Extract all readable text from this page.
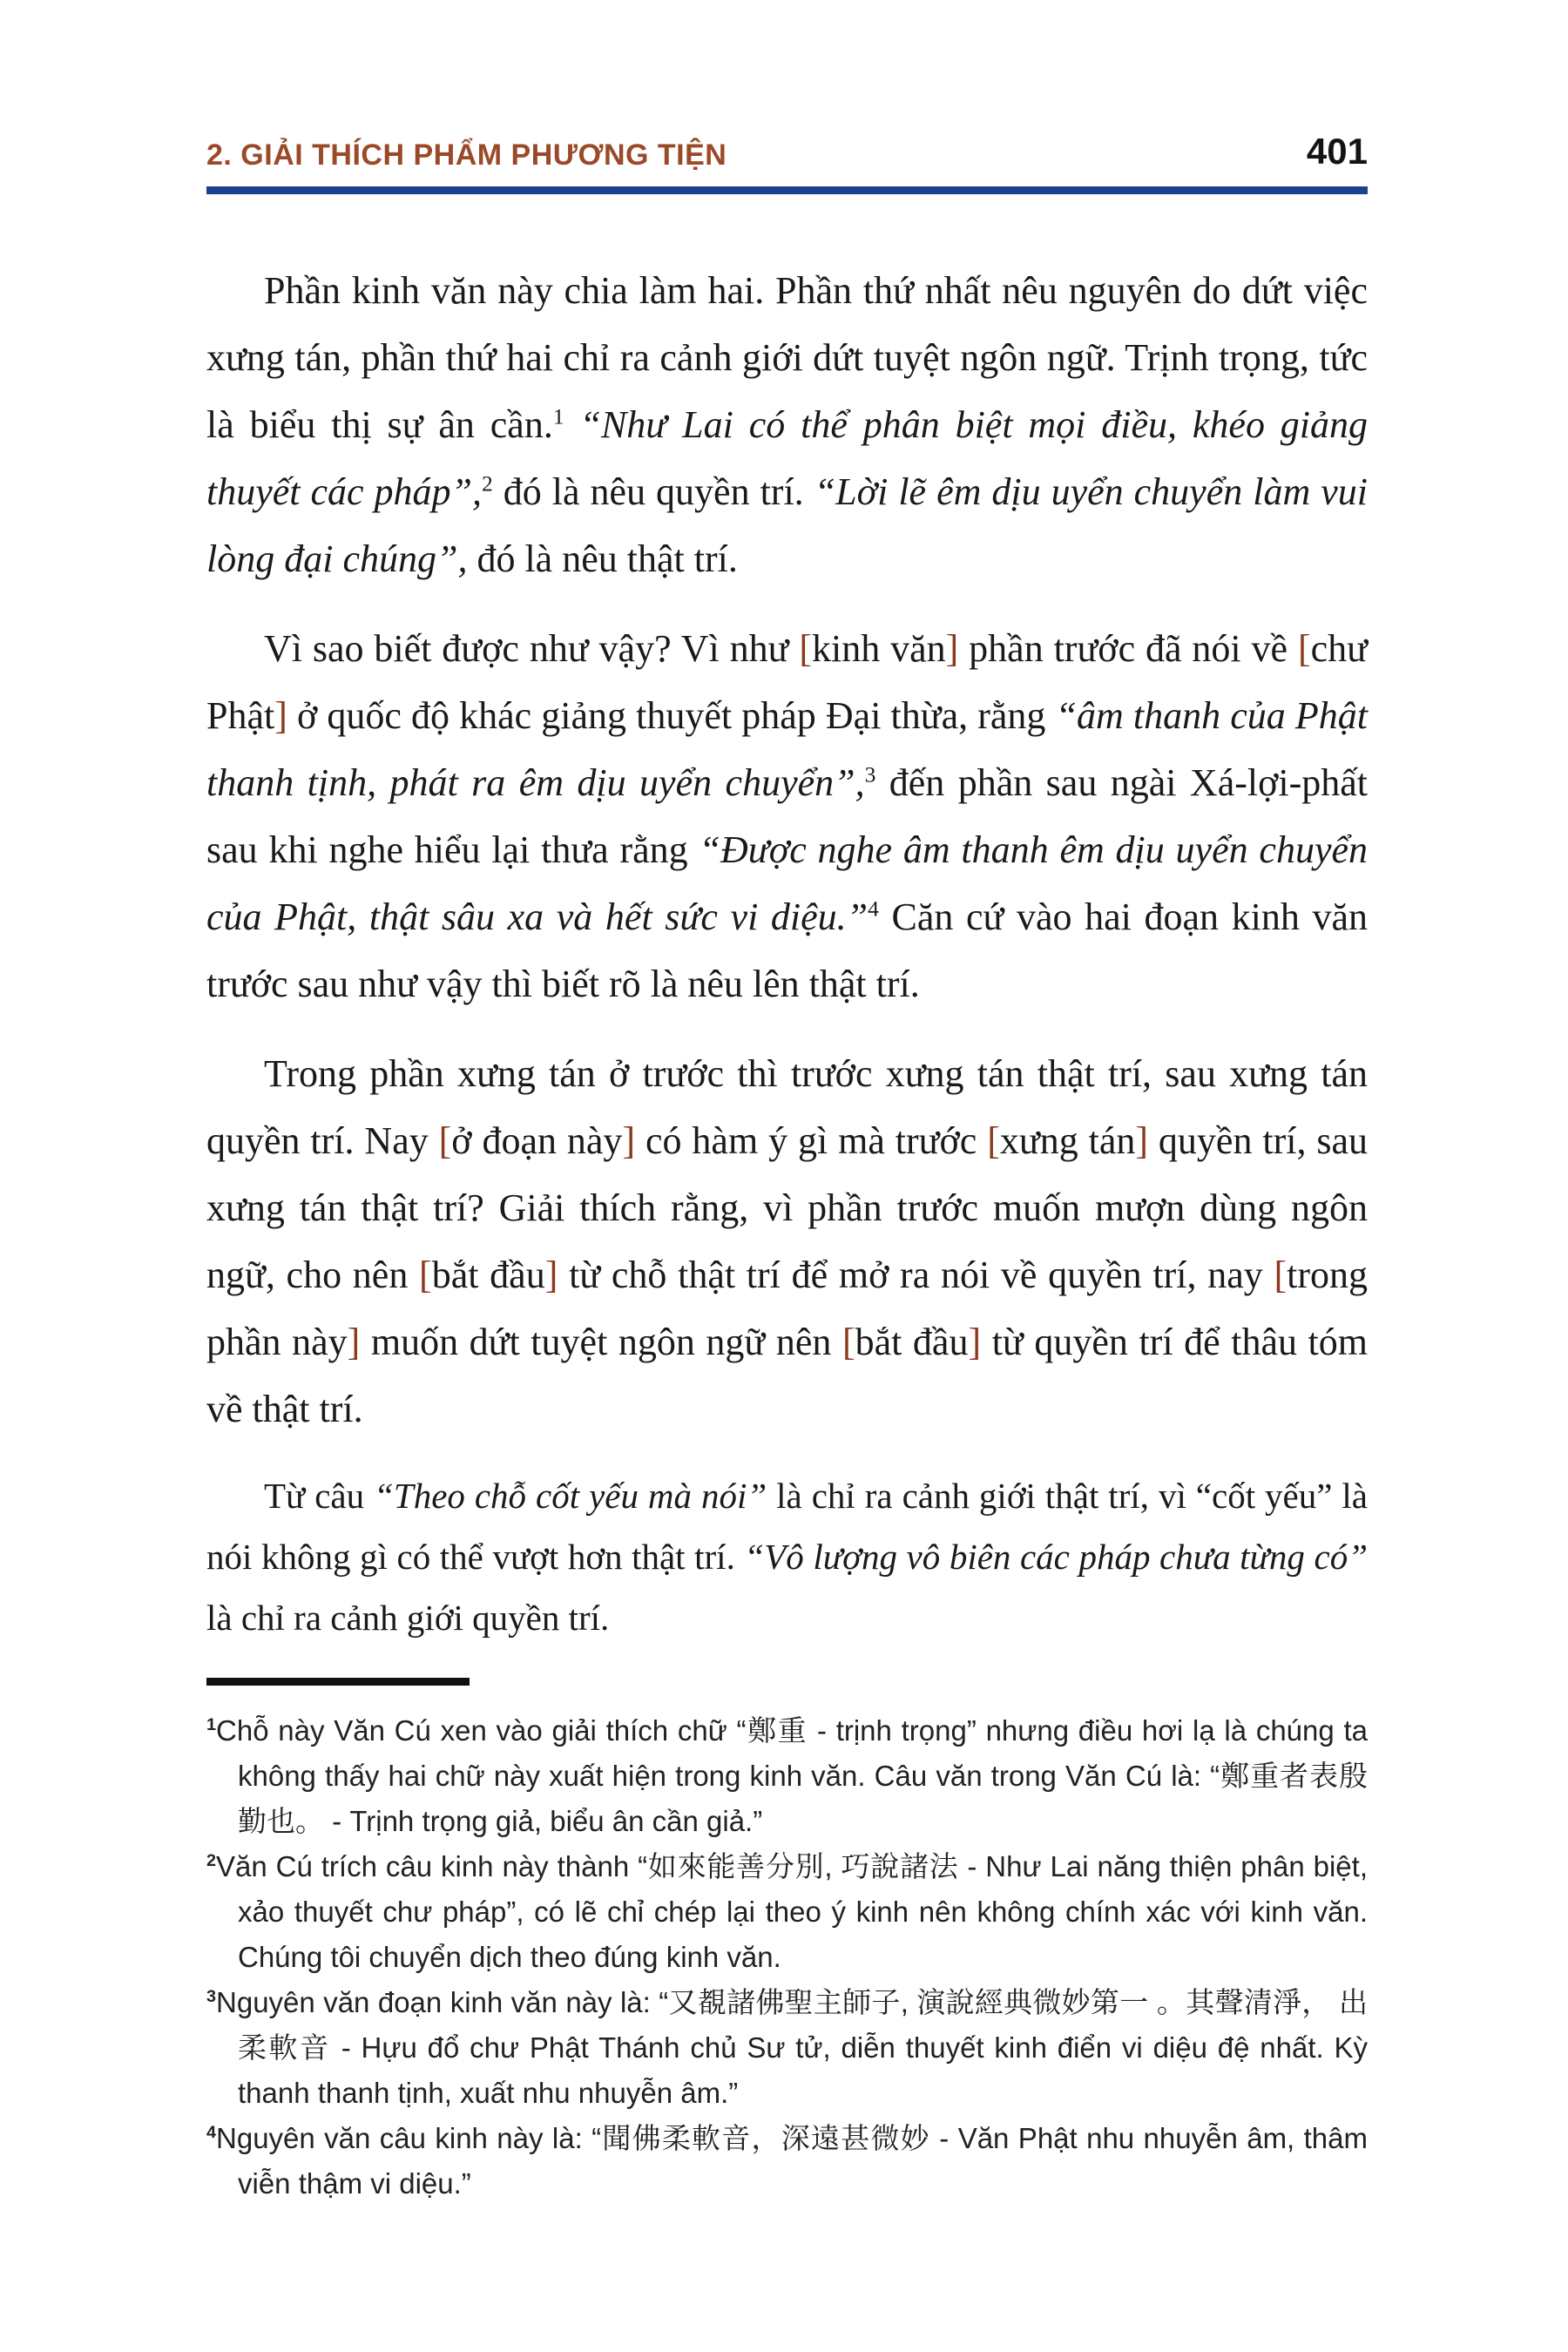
2. GIẢI THÍCH PHẨM PHƯƠNG TIỆN	401

Phần kinh văn này chia làm hai. Phần thứ nhất nêu nguyên do dứt việc xưng tán, phần thứ hai chỉ ra cảnh giới dứt tuyệt ngôn ngữ. Trịnh trọng, tức là biểu thị sự ân cần.$^1$ “Như Lai có thể phân biệt mọi điều, khéo giảng thuyết các pháp”,$^2$ đó là nêu quyền trí. “Lời lẽ êm dịu uyển chuyển làm vui lòng đại chúng”, đó là nêu thật trí.

Vì sao biết được như vậy? Vì như [kinh văn] phần trước đã nói về [chư Phật] ở quốc độ khác giảng thuyết pháp Đại thừa, rằng “âm thanh của Phật thanh tịnh, phát ra êm dịu uyển chuyển”,$^3$ đến phần sau ngài Xá-lợi-phất sau khi nghe hiểu lại thưa rằng “Được nghe âm thanh êm dịu uyển chuyển của Phật, thật sâu xa và hết sức vi diệu.”$^4$ Căn cứ vào hai đoạn kinh văn trước sau như vậy thì biết rõ là nêu lên thật trí.

Trong phần xưng tán ở trước thì trước xưng tán thật trí, sau xưng tán quyền trí. Nay [ở đoạn này] có hàm ý gì mà trước [xưng tán] quyền trí, sau xưng tán thật trí? Giải thích rằng, vì phần trước muốn mượn dùng ngôn ngữ, cho nên [bắt đầu] từ chỗ thật trí để mở ra nói về quyền trí, nay [trong phần này] muốn dứt tuyệt ngôn ngữ nên [bắt đầu] từ quyền trí để thâu tóm về thật trí.

Từ câu “Theo chỗ cốt yếu mà nói” là chỉ ra cảnh giới thật trí, vì “cốt yếu” là nói không gì có thể vượt hơn thật trí. “Vô lượng vô biên các pháp chưa từng có” là chỉ ra cảnh giới quyền trí.

$^1$Chỗ này Văn Cú xen vào giải thích chữ “鄭重 - trịnh trọng” nhưng điều hơi lạ là chúng ta không thấy hai chữ này xuất hiện trong kinh văn. Câu văn trong Văn Cú là: “鄭重者表殷勤也。 - Trịnh trọng giả, biểu ân cần giả.”

$^2$Văn Cú trích câu kinh này thành “如來能善分別, 巧說諸法 - Như Lai năng thiện phân biệt, xảo thuyết chư pháp”, có lẽ chỉ chép lại theo ý kinh nên không chính xác với kinh văn. Chúng tôi chuyển dịch theo đúng kinh văn.

$^3$Nguyên văn đoạn kinh văn này là: “又覩諸佛聖主師子, 演說經典微妙第一 。其聲清淨， 出柔軟音 - Hựu đổ chư Phật Thánh chủ Sư tử, diễn thuyết kinh điển vi diệu đệ nhất. Kỳ thanh thanh tịnh, xuất nhu nhuyễn âm.”

$^4$Nguyên văn câu kinh này là: “聞佛柔軟音，深遠甚微妙 - Văn Phật nhu nhuyễn âm, thâm viễn thậm vi diệu.”
